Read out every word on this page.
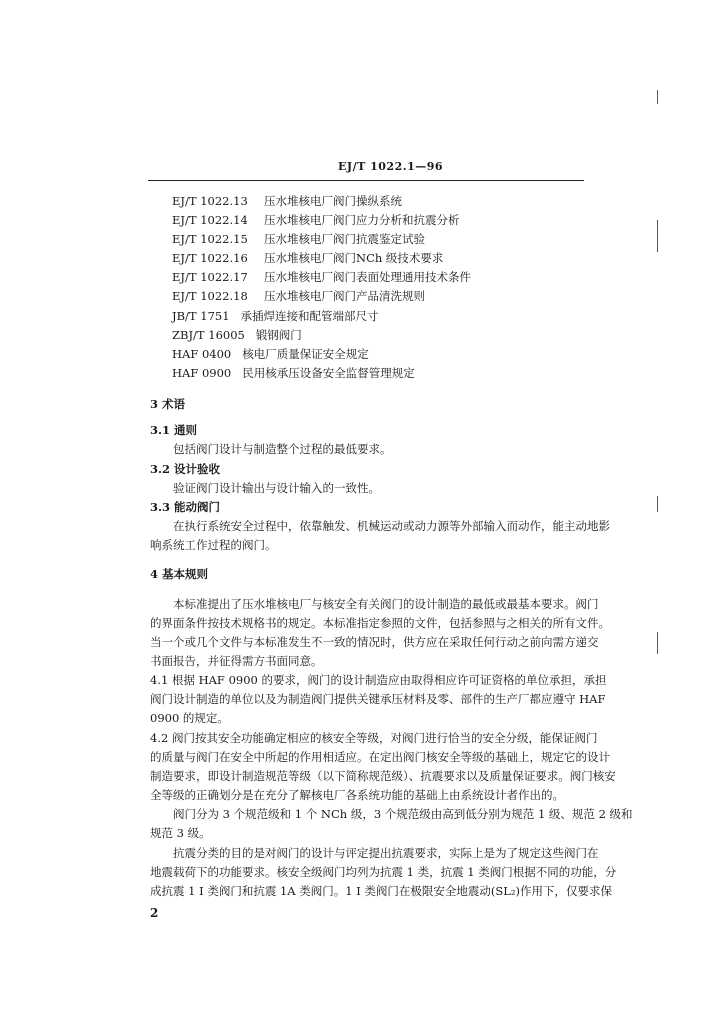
EJ/T 1022.1—96
EJ/T 1022.13 压水堆核电厂阀门操纵系统
EJ/T 1022.14 压水堆核电厂阀门应力分析和抗震分析
EJ/T 1022.15 压水堆核电厂阀门抗震鉴定试验
EJ/T 1022.16 压水堆核电厂阀门NCh 级技术要求
EJ/T 1022.17 压水堆核电厂阀门表面处理通用技术条件
EJ/T 1022.18 压水堆核电厂阀门产品清洗规则
JB/T 1751 承插焊连接和配管端部尺寸
ZBJ/T 16005 锻钢阀门
HAF 0400 核电厂质量保证安全规定
HAF 0900 民用核承压设备安全监督管理规定
3 术语
3.1 通则
包括阀门设计与制造整个过程的最低要求。
3.2 设计验收
验证阀门设计输出与设计输入的一致性。
3.3 能动阀门
在执行系统安全过程中，依靠触发、机械运动或动力源等外部输入而动作，能主动地影
响系统工作过程的阀门。
4 基本规则
本标准提出了压水堆核电厂与核安全有关阀门的设计制造的最低或最基本要求。阀门
的界面条件按技术规格书的规定。本标准指定参照的文件，包括参照与之相关的所有文件。
当一个或几个文件与本标准发生不一致的情况时，供方应在采取任何行动之前向需方递交
书面报告，并征得需方书面同意。
4.1 根据 HAF 0900 的要求，阀门的设计制造应由取得相应许可证资格的单位承担，承担
阀门设计制造的单位以及为制造阀门提供关键承压材料及零、部件的生产厂都应遵守 HAF
0900 的规定。
4.2 阀门按其安全功能确定相应的核安全等级，对阀门进行恰当的安全分级，能保证阀门
的质量与阀门在安全中所起的作用相适应。在定出阀门核安全等级的基础上，规定它的设计
制造要求，即设计制造规范等级（以下简称规范级）、抗震要求以及质量保证要求。阀门核安
全等级的正确划分是在充分了解核电厂各系统功能的基础上由系统设计者作出的。
阀门分为 3 个规范级和 1 个 NCh 级，3 个规范级由高到低分别为规范 1 级、规范 2 级和
规范 3 级。
抗震分类的目的是对阀门的设计与评定提出抗震要求，实际上是为了规定这些阀门在
地震载荷下的功能要求。核安全级阀门均列为抗震 1 类，抗震 1 类阀门根据不同的功能，分
成抗震 1 I 类阀门和抗震 1A 类阀门。1 I 类阀门在极限安全地震动(SL₂)作用下，仅要求保
2
